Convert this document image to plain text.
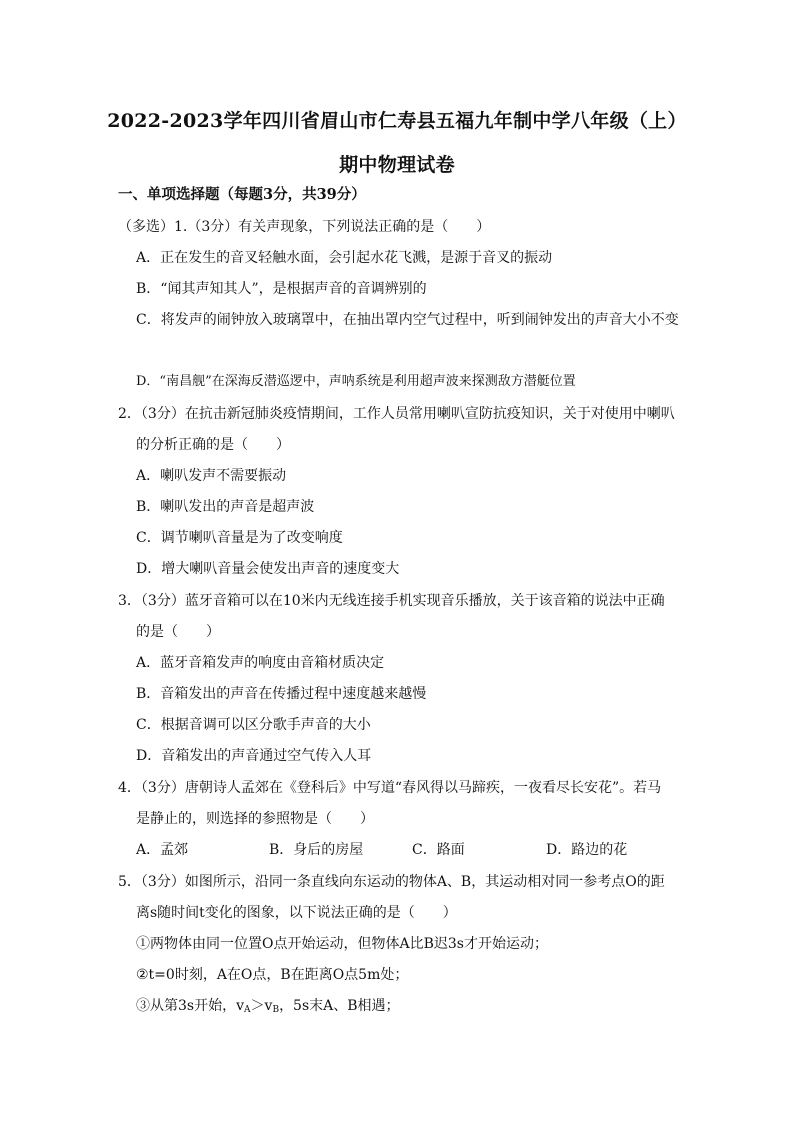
2022-2023学年四川省眉山市仁寿县五福九年制中学八年级（上）
期中物理试卷
一、单项选择题（每题3分，共39分）
（多选）1.（3分）有关声现象，下列说法正确的是（　　）
A．正在发生的音叉轻触水面，会引起水花飞溅，是源于音叉的振动
B．“闻其声知其人”，是根据声音的音调辨别的
C．将发声的闹钟放入玻璃罩中，在抽出罩内空气过程中，听到闹钟发出的声音大小不变
D．“南昌舰”在深海反潜巡逻中，声呐系统是利用超声波来探测敌方潜艇位置
2．（3分）在抗击新冠肺炎疫情期间，工作人员常用喇叭宣防抗疫知识，关于对使用中喇叭
的分析正确的是（　　）
A．喇叭发声不需要振动
B．喇叭发出的声音是超声波
C．调节喇叭音量是为了改变响度
D．增大喇叭音量会使发出声音的速度变大
3．（3分）蓝牙音箱可以在10米内无线连接手机实现音乐播放，关于该音箱的说法中正确
的是（　　）
A．蓝牙音箱发声的响度由音箱材质决定
B．音箱发出的声音在传播过程中速度越来越慢
C．根据音调可以区分歌手声音的大小
D．音箱发出的声音通过空气传入人耳
4．（3分）唐朝诗人孟郊在《登科后》中写道“春风得以马蹄疾，一夜看尽长安花”。若马
是静止的，则选择的参照物是（　　）
A．孟郊	B．身后的房屋	C．路面	D．路边的花
5．（3分）如图所示，沿同一条直线向东运动的物体A、B，其运动相对同一参考点O的距
离s随时间t变化的图象，以下说法正确的是（　　）
①两物体由同一位置O点开始运动，但物体A比B迟3s才开始运动；
②t=0时刻，A在O点，B在距离O点5m处；
③从第3s开始，$v_A>v_B$，5s末A、B相遇；
